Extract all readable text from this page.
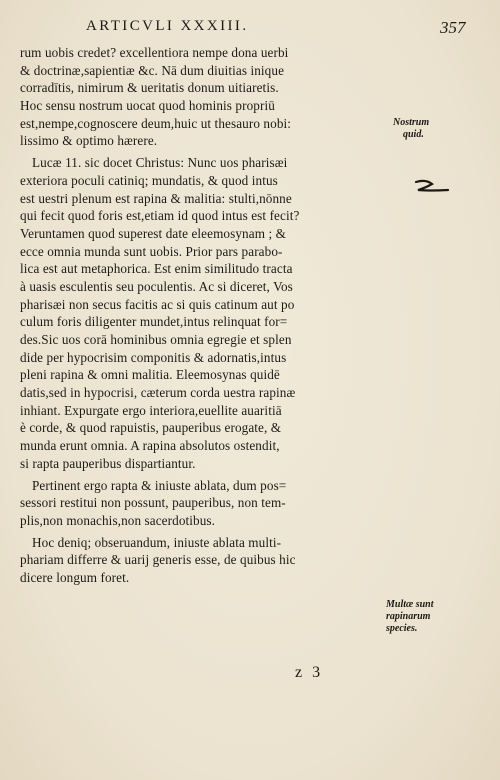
ARTICVLI XXXIII.	357
rum uobis credet? excellentiora nempe dona uerbi
& doctrinæ,sapientiæ &c. Nā dum diuitias inique
corradītis, nimirum & ueritatis donum uitiaretis.
Hoc sensu nostrum uocat quod hominis propriū
est,nempe,cognoscere deum,huic ut thesauro nobi:
lissimo & optimo hærere.
Lucæ 11. sic docet Christus: Nunc uos pharisæi
exteriora poculi catiniq; mundatis, & quod intus
est uestri plenum est rapina & malitia: stulti,nōnne
qui fecit quod foris est,etiam id quod intus est fecit?
Veruntamen quod superest date eleemosynam ; &
ecce omnia munda sunt uobis. Prior pars parabo-
lica est aut metaphorica. Est enim similitudo tracta
à uasis esculentis seu poculentis. Ac si diceret, Vos
pharisæi non secus facitis ac si quis catinum aut po
culum foris diligenter mundet,intus relinquat for=
des.Sic uos corā hominibus omnia egregie et splen
dide per hypocrisim componitis & adornatis,intus
pleni rapina & omni malitia. Eleemosynas quidē
datis,sed in hypocrisi, cæterum corda uestra rapinæ
inhiant. Expurgate ergo interiora,euellite auaritiā
è corde, & quod rapuistis, pauperibus erogate, &
munda erunt omnia. A rapina absolutos ostendit,
si rapta pauperibus dispartiantur.
Pertinent ergo rapta & iniuste ablata, dum pos=
sessori restitui non possunt, pauperibus, non tem-
plis,non monachis,non sacerdotibus.
Hoc deniq; obseruandum, iniuste ablata multi-
phariam differre & uarij generis esse, de quibus hic
dicere longum foret.
Nostrum
quid.
Multæ sunt
rapinarum
species.
z 3
